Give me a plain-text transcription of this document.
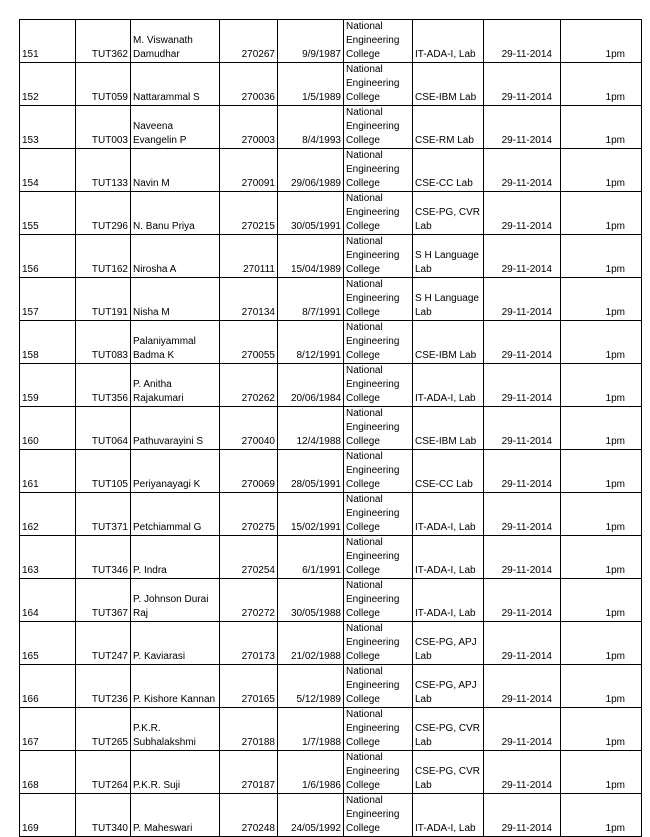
151	TUT362	M. Viswanath Damudhar	270267	9/9/1987	National Engineering College	IT-ADA-I, Lab	29-11-2014	1pm
152	TUT059	Nattarammal S	270036	1/5/1989	National Engineering College	CSE-IBM Lab	29-11-2014	1pm
153	TUT003	Naveena Evangelin P	270003	8/4/1993	National Engineering College	CSE-RM Lab	29-11-2014	1pm
154	TUT133	Navin M	270091	29/06/1989	National Engineering College	CSE-CC Lab	29-11-2014	1pm
155	TUT296	N. Banu Priya	270215	30/05/1991	National Engineering College	CSE-PG, CVR Lab	29-11-2014	1pm
156	TUT162	Nirosha A	270111	15/04/1989	National Engineering College	S H Language Lab	29-11-2014	1pm
157	TUT191	Nisha M	270134	8/7/1991	National Engineering College	S H Language Lab	29-11-2014	1pm
158	TUT083	Palaniyammal Badma K	270055	8/12/1991	National Engineering College	CSE-IBM Lab	29-11-2014	1pm
159	TUT356	P. Anitha Rajakumari	270262	20/06/1984	National Engineering College	IT-ADA-I, Lab	29-11-2014	1pm
160	TUT064	Pathuvarayini S	270040	12/4/1988	National Engineering College	CSE-IBM Lab	29-11-2014	1pm
161	TUT105	Periyanayagi K	270069	28/05/1991	National Engineering College	CSE-CC Lab	29-11-2014	1pm
162	TUT371	Petchiammal G	270275	15/02/1991	National Engineering College	IT-ADA-I, Lab	29-11-2014	1pm
163	TUT346	P. Indra	270254	6/1/1991	National Engineering College	IT-ADA-I, Lab	29-11-2014	1pm
164	TUT367	P. Johnson Durai Raj	270272	30/05/1988	National Engineering College	IT-ADA-I, Lab	29-11-2014	1pm
165	TUT247	P. Kaviarasi	270173	21/02/1988	National Engineering College	CSE-PG, APJ Lab	29-11-2014	1pm
166	TUT236	P. Kishore Kannan	270165	5/12/1989	National Engineering College	CSE-PG, APJ Lab	29-11-2014	1pm
167	TUT265	P.K.R. Subhalakshmi	270188	1/7/1988	National Engineering College	CSE-PG, CVR Lab	29-11-2014	1pm
168	TUT264	P.K.R. Suji	270187	1/6/1986	National Engineering College	CSE-PG, CVR Lab	29-11-2014	1pm
169	TUT340	P. Maheswari	270248	24/05/1992	National Engineering College	IT-ADA-I, Lab	29-11-2014	1pm
